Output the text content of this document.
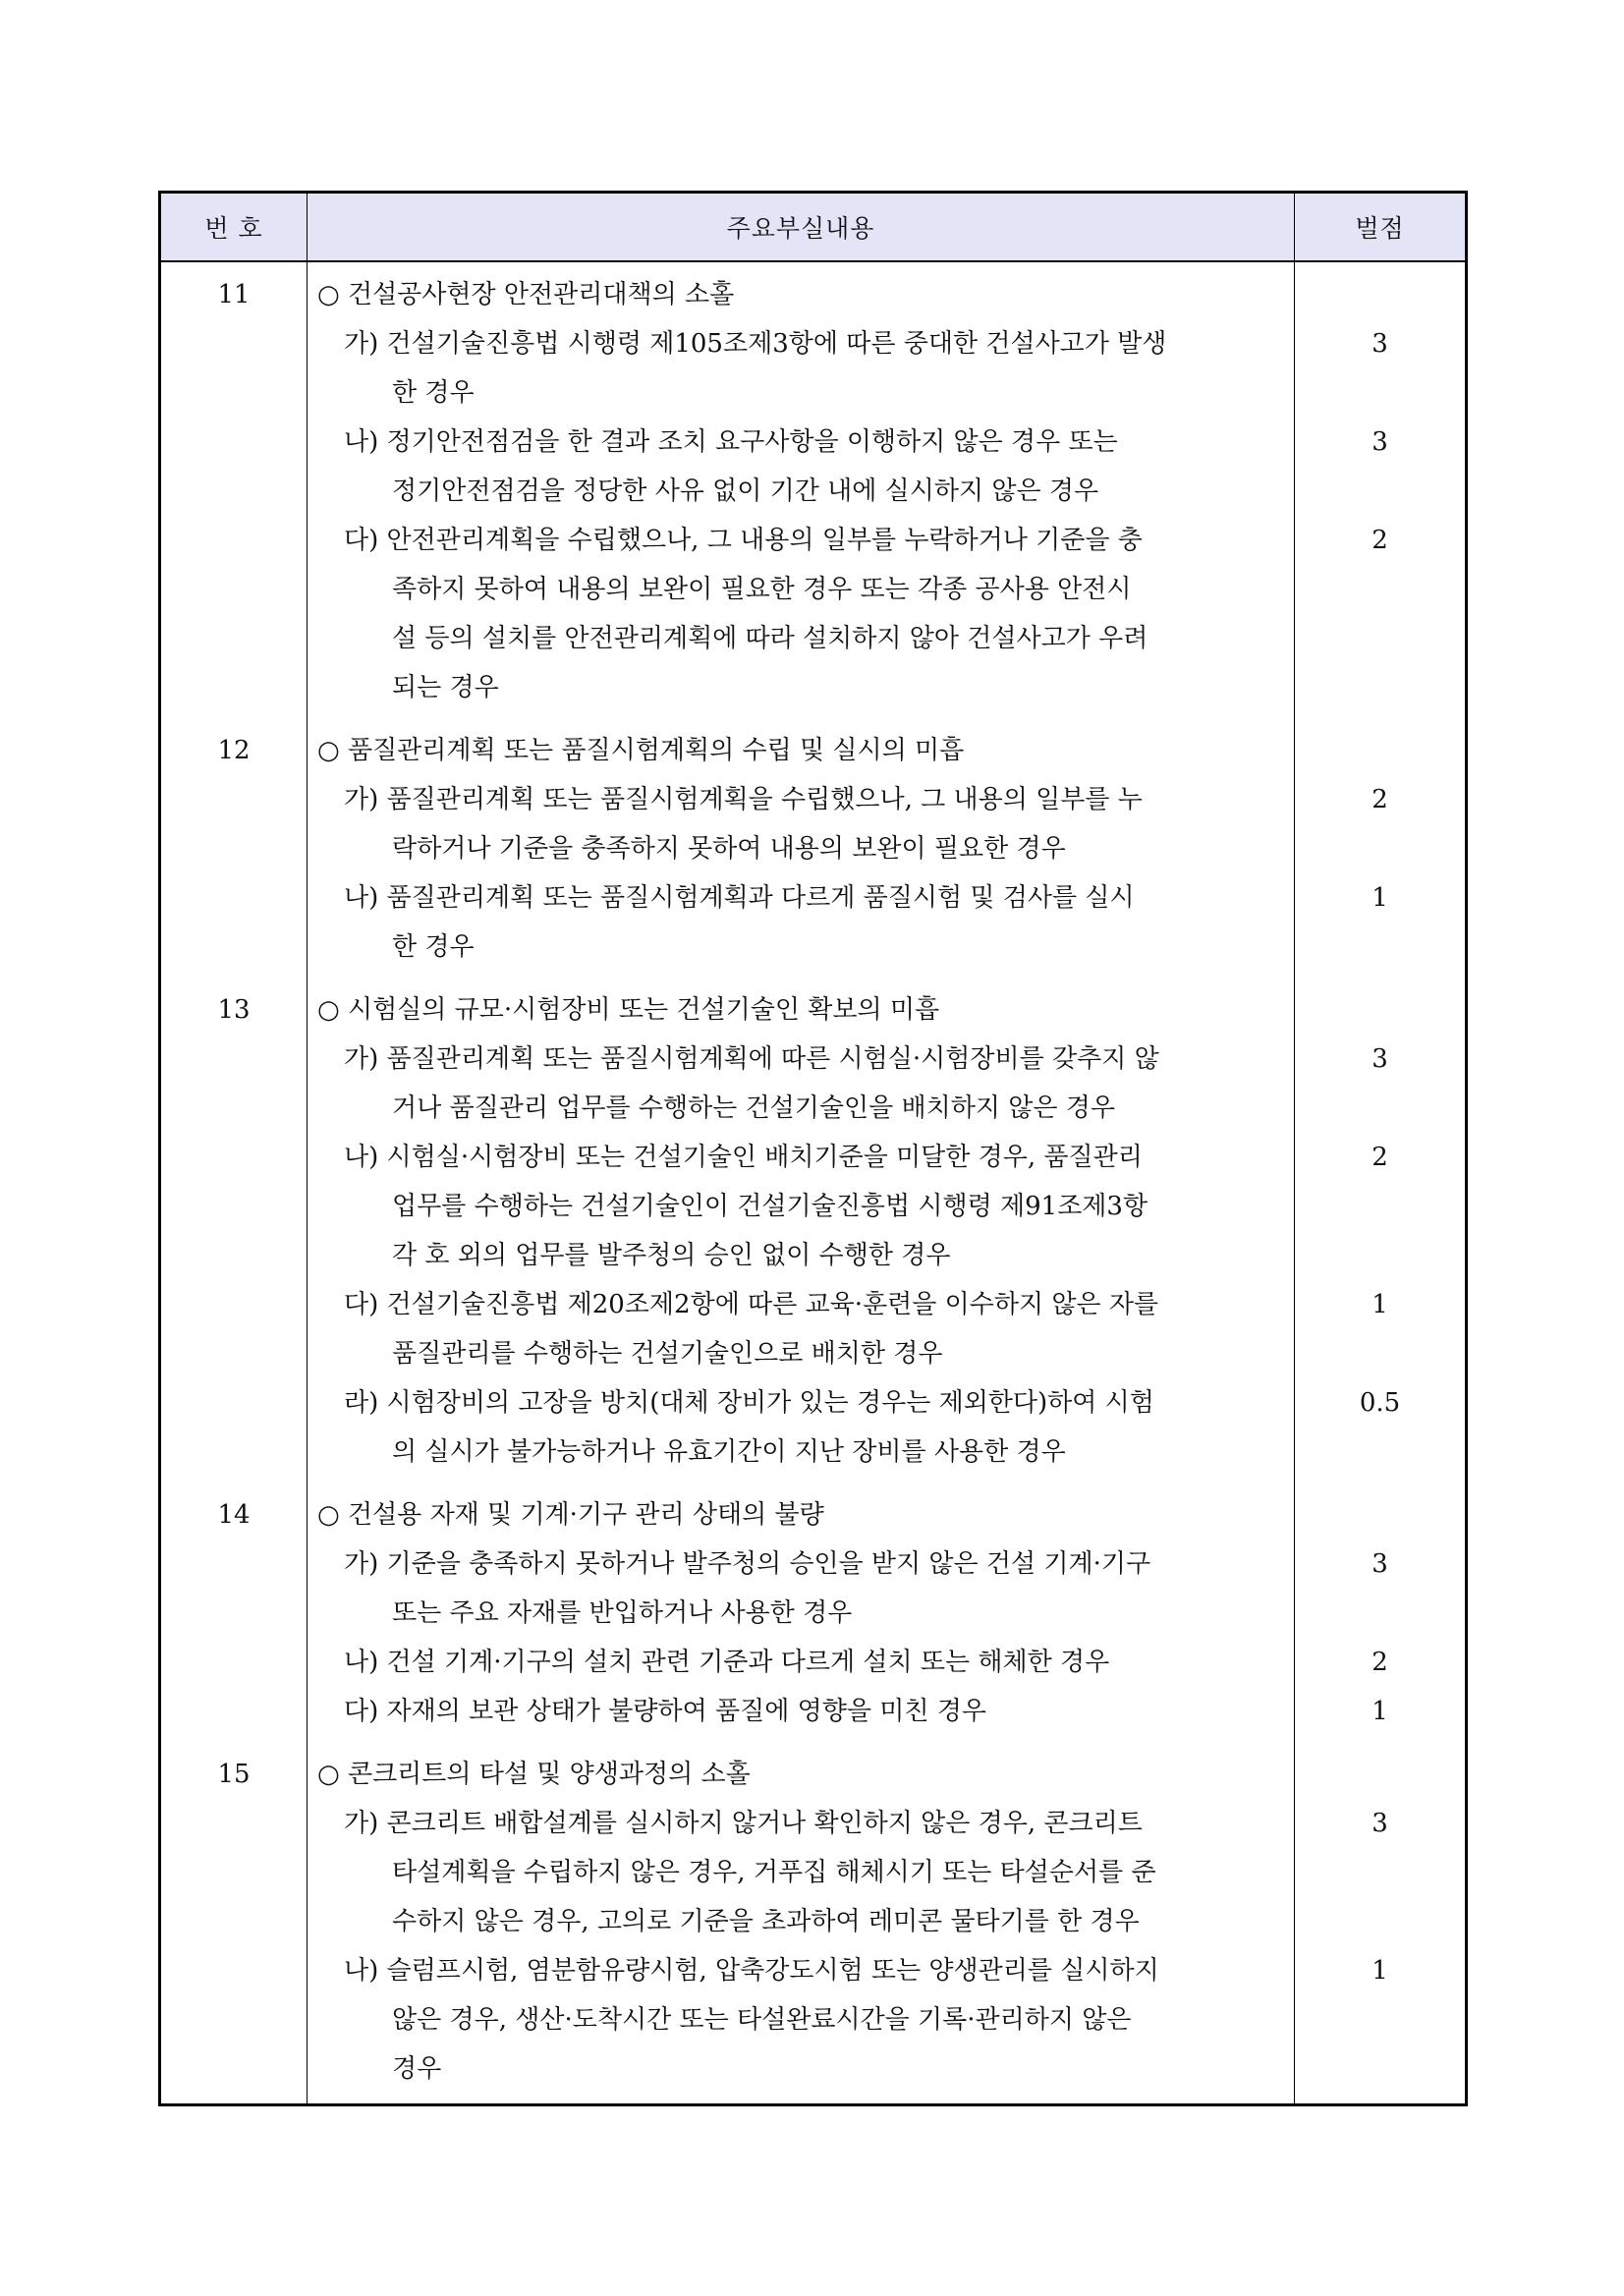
번 호	주요부실내용	벌점
11
12
13
14
15
○ 건설공사현장 안전관리대책의 소홀
가) 건설기술진흥법 시행령 제105조제3항에 따른 중대한 건설사고가 발생
한 경우
나) 정기안전점검을 한 결과 조치 요구사항을 이행하지 않은 경우 또는
정기안전점검을 정당한 사유 없이 기간 내에 실시하지 않은 경우
다) 안전관리계획을 수립했으나, 그 내용의 일부를 누락하거나 기준을 충
족하지 못하여 내용의 보완이 필요한 경우 또는 각종 공사용 안전시
설 등의 설치를 안전관리계획에 따라 설치하지 않아 건설사고가 우려
되는 경우
○ 품질관리계획 또는 품질시험계획의 수립 및 실시의 미흡
가) 품질관리계획 또는 품질시험계획을 수립했으나, 그 내용의 일부를 누
락하거나 기준을 충족하지 못하여 내용의 보완이 필요한 경우
나) 품질관리계획 또는 품질시험계획과 다르게 품질시험 및 검사를 실시
한 경우
○ 시험실의 규모·시험장비 또는 건설기술인 확보의 미흡
가) 품질관리계획 또는 품질시험계획에 따른 시험실·시험장비를 갖추지 않
거나 품질관리 업무를 수행하는 건설기술인을 배치하지 않은 경우
나) 시험실·시험장비 또는 건설기술인 배치기준을 미달한 경우, 품질관리
업무를 수행하는 건설기술인이 건설기술진흥법 시행령 제91조제3항
각 호 외의 업무를 발주청의 승인 없이 수행한 경우
다) 건설기술진흥법 제20조제2항에 따른 교육·훈련을 이수하지 않은 자를
품질관리를 수행하는 건설기술인으로 배치한 경우
라) 시험장비의 고장을 방치(대체 장비가 있는 경우는 제외한다)하여 시험
의 실시가 불가능하거나 유효기간이 지난 장비를 사용한 경우
○ 건설용 자재 및 기계·기구 관리 상태의 불량
가) 기준을 충족하지 못하거나 발주청의 승인을 받지 않은 건설 기계·기구
또는 주요 자재를 반입하거나 사용한 경우
나) 건설 기계·기구의 설치 관련 기준과 다르게 설치 또는 해체한 경우
다) 자재의 보관 상태가 불량하여 품질에 영향을 미친 경우
○ 콘크리트의 타설 및 양생과정의 소홀
가) 콘크리트 배합설계를 실시하지 않거나 확인하지 않은 경우, 콘크리트
타설계획을 수립하지 않은 경우, 거푸집 해체시기 또는 타설순서를 준
수하지 않은 경우, 고의로 기준을 초과하여 레미콘 물타기를 한 경우
나) 슬럼프시험, 염분함유량시험, 압축강도시험 또는 양생관리를 실시하지
않은 경우, 생산·도착시간 또는 타설완료시간을 기록·관리하지 않은
경우
3
3
2
2
1
3
2
1
0.5
3
2
1
3
1
